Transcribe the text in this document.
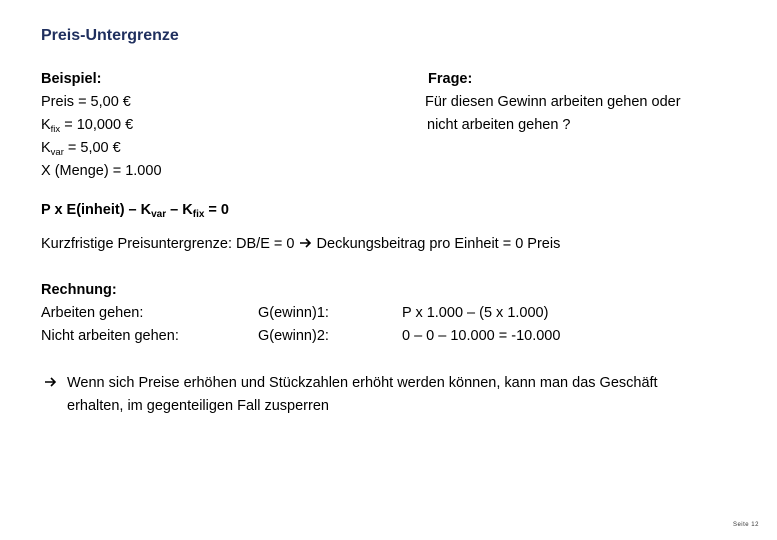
Preis-Untergrenze
Beispiel:
Preis = 5,00 €
$K_{fix} = 10,000$ €
$K_{var} = 5,00$ €
X (Menge) = 1.000
Frage:
Für diesen Gewinn arbeiten gehen oder
nicht arbeiten gehen ?
P x E(inheit) – $K_{var} - K_{fix} = 0$
Kurzfristige Preisuntergrenze: DB/E = 0  Deckungsbeitrag pro Einheit = 0 Preis
Rechnung:
Arbeiten gehen:	G(ewinn)1:	P x 1.000 – (5 x 1.000)
Nicht arbeiten gehen:	G(ewinn)2:	0 – 0 – 10.000 = -10.000
Wenn sich Preise erhöhen und Stückzahlen erhöht werden können, kann man das Geschäft
erhalten, im gegenteiligen Fall zusperren
Seite 12
